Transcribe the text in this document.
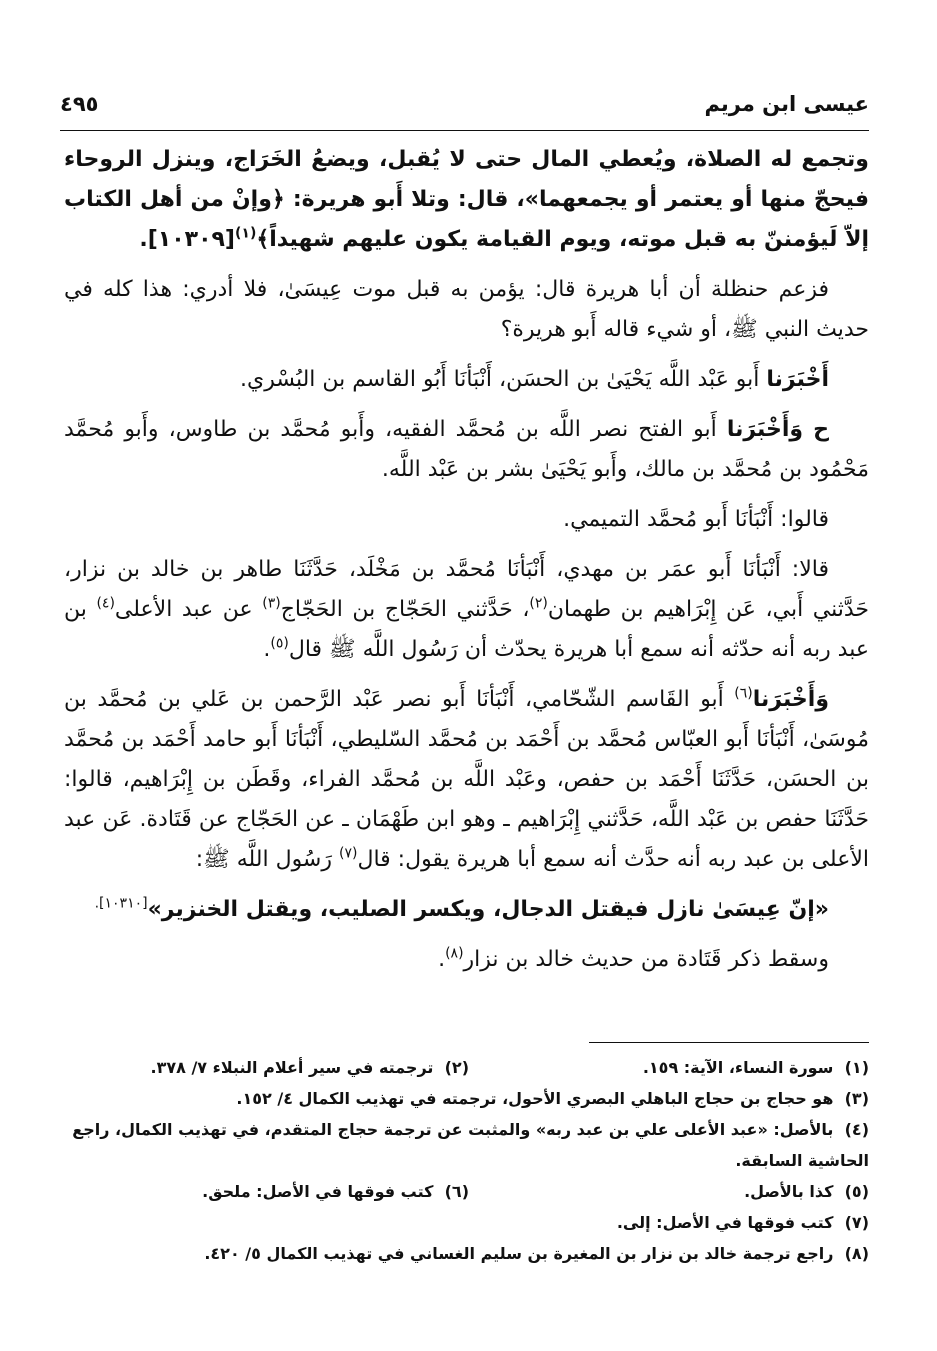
عيسى ابن مريم
٤٩٥

وتجمع له الصلاة، ويُعطي المال حتى لا يُقبل، ويضعُ الخَرَاج، وينزل الروحاء فيحجّ منها أو يعتمر أو يجمعهما»، قال: وتلا أَبو هريرة: ﴿وإنْ من أهل الكتاب إلاّ لَيؤمننّ به قبل موته، ويوم القيامة يكون عليهم شهيداً﴾$^{(١)}$[١٠٣٠٩].

فزعم حنظلة أن أبا هريرة قال: يؤمن به قبل موت عِيسَىٰ، فلا أدري: هذا كله في حديث النبي ﷺ، أو شيء قاله أَبو هريرة؟

أَخْبَرَنا أَبو عَبْد اللَّه يَحْيَىٰ بن الحسَن، أَنْبَأنَا أَبُو القاسم بن البُسْري.

ح وَأَخْبَرَنا أَبو الفتح نصر اللَّه بن مُحمَّد الفقيه، وأَبو مُحمَّد بن طاوس، وأَبو مُحمَّد مَحْمُود بن مُحمَّد بن مالك، وأَبو يَحْيَىٰ بشر بن عَبْد اللَّه.

قالوا: أَنْبَأنَا أَبو مُحمَّد التميمي.

قالا: أَنْبَأنَا أَبو عمَر بن مهدي، أَنْبَأنَا مُحمَّد بن مَخْلَد، حَدَّثَنَا طاهر بن خالد بن نزار، حَدَّثني أَبي، عَن إِبْرَاهيم بن طهمان$^{(٢)}$، حَدَّثني الحَجّاج بن الحَجّاج$^{(٣)}$ عن عبد الأعلى$^{(٤)}$ بن عبد ربه أنه حدّثه أنه سمع أبا هريرة يحدّث أن رَسُول اللَّه ﷺ قال$^{(٥)}$.

وَأَخْبَرَنا$^{(٦)}$ أَبو القَاسم الشّحّامي، أَنْبَأنَا أَبو نصر عَبْد الرَّحمن بن عَلي بن مُحمَّد بن مُوسَىٰ، أَنْبَأنَا أَبو العبّاس مُحمَّد بن أَحْمَد بن مُحمَّد السّليطي، أَنْبَأنَا أَبو حامد أَحْمَد بن مُحمَّد بن الحسَن، حَدَّثَنَا أَحْمَد بن حفص، وعَبْد اللَّه بن مُحمَّد الفراء، وقَطَن بن إِبْرَاهيم، قالوا: حَدَّثَنَا حفص بن عَبْد اللَّه، حَدَّثني إِبْرَاهيم ـ وهو ابن طَهْمَان ـ عن الحَجّاج عن قَتَادة. عَن عبد الأعلى بن عبد ربه أنه حدَّث أنه سمع أبا هريرة يقول: قال$^{(٧)}$ رَسُول اللَّه ﷺ:

«إنّ عِيسَىٰ نازل فيقتل الدجال، ويكسر الصليب، ويقتل الخنزير»$^{[١٠٣١٠].}$

وسقط ذكر قَتَادة من حديث خالد بن نزار$^{(٨)}$.

(١) سورة النساء، الآية: ١٥٩.
(٢) ترجمته في سير أعلام النبلاء ٧/ ٣٧٨.
(٣) هو حجاج بن حجاج الباهلي البصري الأحول، ترجمته في تهذيب الكمال ٤/ ١٥٢.
(٤) بالأصل: «عبد الأعلى علي بن عبد ربه» والمثبت عن ترجمة حجاج المتقدم، في تهذيب الكمال، راجع الحاشية السابقة.
(٥) كذا بالأصل.
(٦) كتب فوقها في الأصل: ملحق.
(٧) كتب فوقها في الأصل: إلى.
(٨) راجع ترجمة خالد بن نزار بن المغيرة بن سليم الغساني في تهذيب الكمال ٥/ ٤٢٠.
